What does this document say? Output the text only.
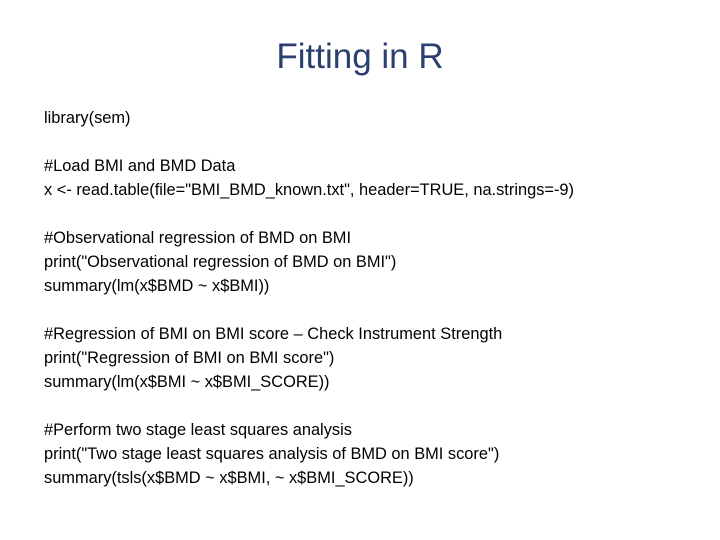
Fitting in R
library(sem)
#Load BMI and BMD Data
x <- read.table(file="BMI_BMD_known.txt", header=TRUE, na.strings=-9)
#Observational regression of BMD on BMI
print("Observational regression of BMD on BMI")
summary(lm(x$BMD ~ x$BMI))
#Regression of BMI on BMI score – Check Instrument Strength
print("Regression of BMI on BMI score")
summary(lm(x$BMI ~ x$BMI_SCORE))
#Perform two stage least squares analysis
print("Two stage least squares analysis of BMD on BMI score")
summary(tsls(x$BMD ~ x$BMI, ~ x$BMI_SCORE))
